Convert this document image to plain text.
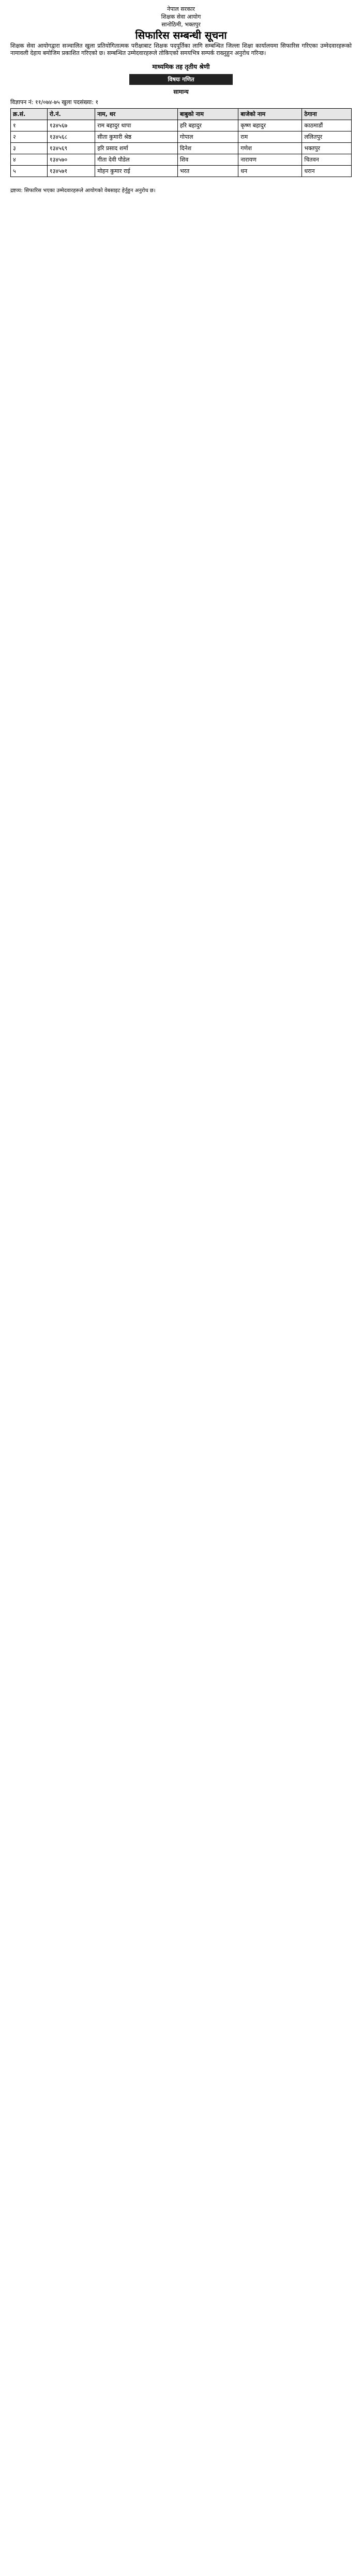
नेपाल सरकार
शिक्षक सेवा आयोग
सानोठिमी, भक्तपुर
सिफारिस सम्बन्धी सूचना

शिक्षक सेवा आयोगद्वारा सञ्चालित खुला प्रतियोगितात्मक परीक्षाबाट शिक्षक पदपूर्तिका लागि सम्बन्धित जिल्ला शिक्षा कार्यालयमा सिफारिस गरिएका उम्मेदवारहरूको नामावली देहाय बमोजिम प्रकाशित गरिएको छ। सम्बन्धित उम्मेदवारहरूले तोकिएको समयभित्र सम्पर्क राख्नुहुन अनुरोध गरिन्छ।

माध्यमिक तह तृतीय श्रेणी
विषयः गणित
सामान्य
विज्ञापन नं: ११/०७४-७५ खुला पदसंख्या: १
क्र.सं.	रो.नं.	नाम, थर	बाबुको नाम	बाजेको नाम	ठेगाना
१	१३४५६७	राम बहादुर थापा	हरि बहादुर	कृष्ण बहादुर	काठमाडौं
२	१३४५६८	सीता कुमारी श्रेष्ठ	गोपाल	राम	ललितपुर
३	१३४५६९	हरि प्रसाद शर्मा	दिनेश	गणेश	भक्तपुर
४	१३४५७०	गीता देवी पौडेल	शिव	नारायण	चितवन
५	१३४५७१	मोहन कुमार राई	भरत	धन	धरान
द्रष्टव्य: सिफारिस भएका उम्मेदवारहरूले आयोगको वेबसाइट हेर्नुहुन अनुरोध छ।
